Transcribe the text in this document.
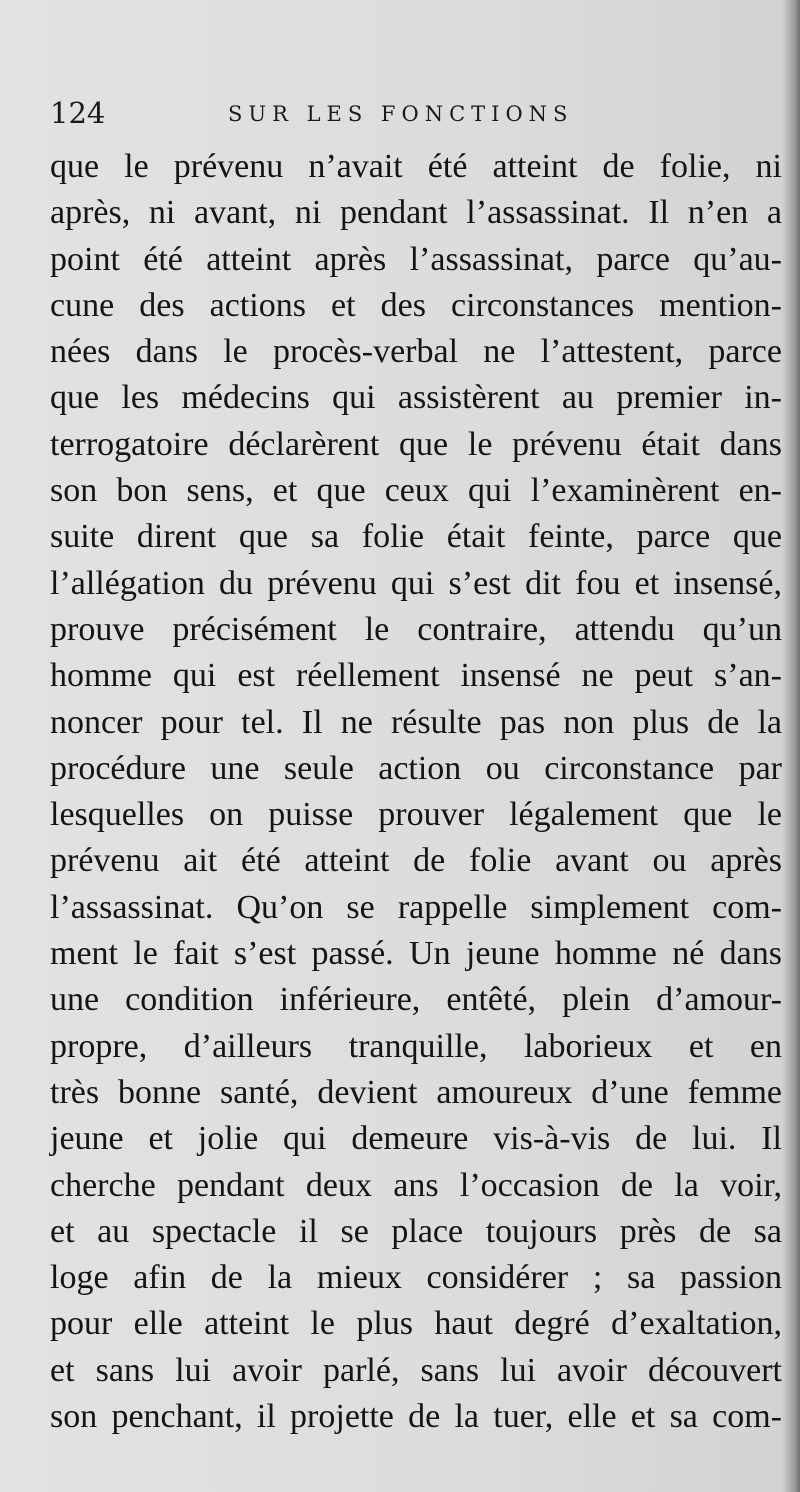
124	SUR LES FONCTIONS
que le prévenu n’avait été atteint de folie, ni
après, ni avant, ni pendant l’assassinat. Il n’en a
point été atteint après l’assassinat, parce qu’au-
cune des actions et des circonstances mention-
nées dans le procès-verbal ne l’attestent, parce
que les médecins qui assistèrent au premier in-
terrogatoire déclarèrent que le prévenu était dans
son bon sens, et que ceux qui l’examinèrent en-
suite dirent que sa folie était feinte, parce que
l’allégation du prévenu qui s’est dit fou et insensé,
prouve précisément le contraire, attendu qu’un
homme qui est réellement insensé ne peut s’an-
noncer pour tel. Il ne résulte pas non plus de la
procédure une seule action ou circonstance par
lesquelles on puisse prouver légalement que le
prévenu ait été atteint de folie avant ou après
l’assassinat. Qu’on se rappelle simplement com-
ment le fait s’est passé. Un jeune homme né dans
une condition inférieure, entêté, plein d’amour-
propre, d’ailleurs tranquille, laborieux et en
très bonne santé, devient amoureux d’une femme
jeune et jolie qui demeure vis-à-vis de lui. Il
cherche pendant deux ans l’occasion de la voir,
et au spectacle il se place toujours près de sa
loge afin de la mieux considérer ; sa passion
pour elle atteint le plus haut degré d’exaltation,
et sans lui avoir parlé, sans lui avoir découvert
son penchant, il projette de la tuer, elle et sa com-
